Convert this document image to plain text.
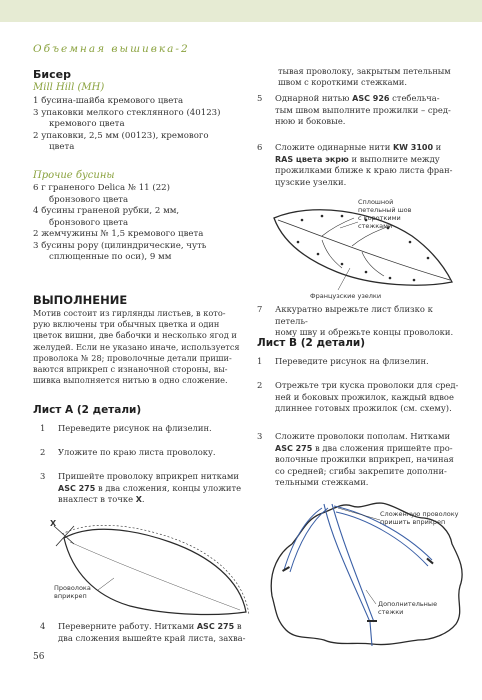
Объемная вышивка-2
Бисер
Mill Hill (MH)
1 бусина-шайба кремового цвета
3 упаковки мелкого стеклянного (40123)
кремового цвета
2 упаковки, 2,5 мм (00123), кремового
цвета
Прочие бусины
6 г граненого Delica № 11 (22)
бронзового цвета
4 бусины граненой рубки, 2 мм,
бронзового цвета
2 жемчужины № 1,5 кремового цвета
3 бусины popy (цилиндрические, чуть
сплющенные по оси), 9 мм
ВЫПОЛНЕНИЕ
Мотив состоит из гирлянды листьев, в кото-
рую включены три обычных цветка и один
цветок вишни, две бабочки и несколько ягод и
желудей. Если не указано иначе, используется
проволока № 28; проволочные детали приши-
ваются вприкреп с изнаночной стороны, вы-
шивка выполняется нитью в одно сложение.
Лист А (2 детали)
1	Переведите рисунок на флизелин.
2	Уложите по краю листа проволоку.
3	Пришейте проволоку вприкреп нитками
ASC 275 в два сложения, концы уложите
внахлест в точке X.
X
Проволока
вприкреп
4	Переверните работу. Нитками ASC 275 в
два сложения вышейте край листа, захва-
56
тывая проволоку, закрытым петельным
швом с короткими стежками.
5	Однарной нитью ASC 926 стебельча-
тым швом выполните прожилки – сред-
нюю и боковые.
6	Сложите одинарные нити KW 3100 и
RAS цвета экрю и выполните между
прожилками ближе к краю листа фран-
цузские узелки.
Сплошной
петельный шов
с короткими
стежками
Французские узелки
7	Аккуратно вырежьте лист близко к петель-
ному шву и обрежьте концы проволоки.
Лист В (2 детали)
1	Переведите рисунок на флизелин.
2	Отрежьте три куска проволоки для сред-
ней и боковых прожилок, каждый вдвое
длиннее готовых прожилок (см. схему).
3	Сложите проволоки пополам. Нитками
ASC 275 в два сложения пришейте про-
волочные прожилки вприкреп, начиная
со средней; сгибы закрепите дополни-
тельными стежками.
Сложенную проволоку
пришить вприкреп
Дополнительные
стежки
